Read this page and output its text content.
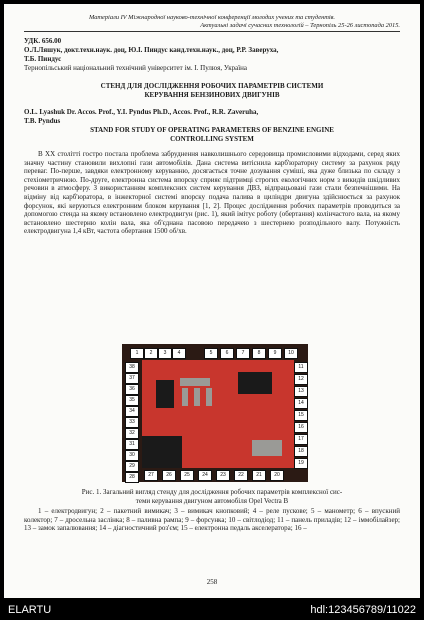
Матеріали IV Міжнародної науково-технічної конференції молодих учених та студентів.
Актуальні задачі сучасних технологій – Тернопіль 25-26 листопада 2015.
УДК. 656.00
О.Л.Ляшук, докт.техн.наук. доц, Ю.І. Пиндус канд.техн.наук., доц, Р.Р. Заверуха,
Т.Б. Пиндус
Тернопільський національний технічний університет ім. І. Пулюя, Україна
СТЕНД ДЛЯ ДОСЛІДЖЕННЯ РОБОЧИХ ПАРАМЕТРІВ СИСТЕМИ
КЕРУВАННЯ БЕНЗИНОВИХ ДВИГУНІВ
O.L. Lyashuk Dr. Accos. Prof., Y.I. Pyndus Ph.D., Accos. Prof., R.R. Zaveruha,
T.B. Pyndus
STAND FOR STUDY OF OPERATING PARAMETERS OF BENZINE ENGINE
CONTROLLING SYSTEM
В XX столітті гостро постала проблема забруднення навколишнього середовища промисловими відходами, серед яких значну частину становили вихлопні гази автомобілів. Дана система витіснила карб'юраторну систему за рахунок ряду переваг. По-перше, завдяки електронному керуванню, досягається точне дозування суміші, яка дуже близька по складу з стехіометричною. По-друге, електронна система впорску сприяє підтримці строгих екологічних норм з викидів шкідливих речовин в атмосферу. З використанням комплексних систем керування ДВЗ, відпрацьовані гази стали безпечнішими. На відміну від карб'юратора, в інжекторної системі впорску подача палива в циліндри двигуна здійснюється за рахунок форсунок, які керуються електронним блоком керування [1, 2]. Процес дослідження робочих параметрів проводиться за допомогою стенда на якому встановлено електродвигун (рис. 1), який імітує роботу (обертання) колінчастого вала, на якому встановлено шестерню колін вала, яка об'єднана пасовою передачею з шестернею розподільного валу. Потужність електродвигуна 1,4 кВт, частота обертання 1500 об/хв.
1	2	3	4	5	6	7	8	9	10
38
37
36
35
34
33
32
31
30
29
28
11
12
13
14
15
16
17
18
19
27	26	25	24	23	22	21	20
Рис. 1. Загальний вигляд стенду для дослідження робочих параметрів комплексної сис-
теми керування двигуном автомобіля Opel Vectra B
1 – електродвигун; 2 – пакетний вимикач; 3 – вимикач кнопковий; 4 – реле пускове; 5 – манометр; 6 – впускний колектор; 7 – дросельна заслінка; 8 – паливна рампа; 9 – форсунка; 10 – світлодіод; 11 – панель приладів; 12 – іммобілайзер; 13 – замок запалювання; 14 – діагностичний роз'єм; 15 – електронна педаль акселератора; 16 –
258
ELARTU	hdl:123456789/11022
